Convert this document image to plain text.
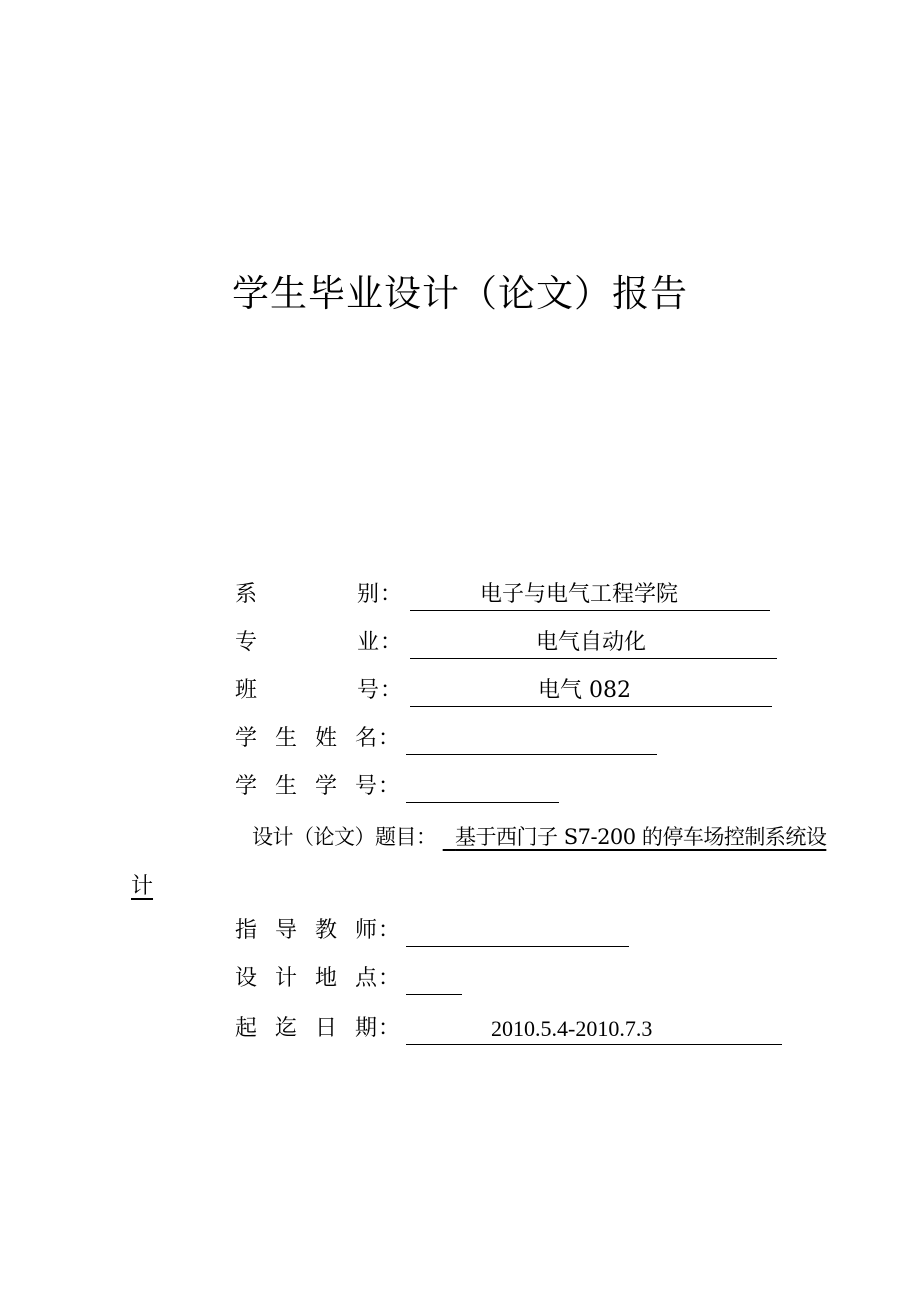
学生毕业设计（论文）报告
系	别 ：	电子与电气工程学院
专	业 ：	电气自动化
班	号 ：	电气 082
学 生 姓 名 ：
学 生 学 号 ：
设计（论文）题目： 基于西门子 S7-200 的停车场控制系统设
计
指 导 教 师 ：
设 计 地 点 ：
起 迄 日 期 ：	2010.5.4-2010.7.3
